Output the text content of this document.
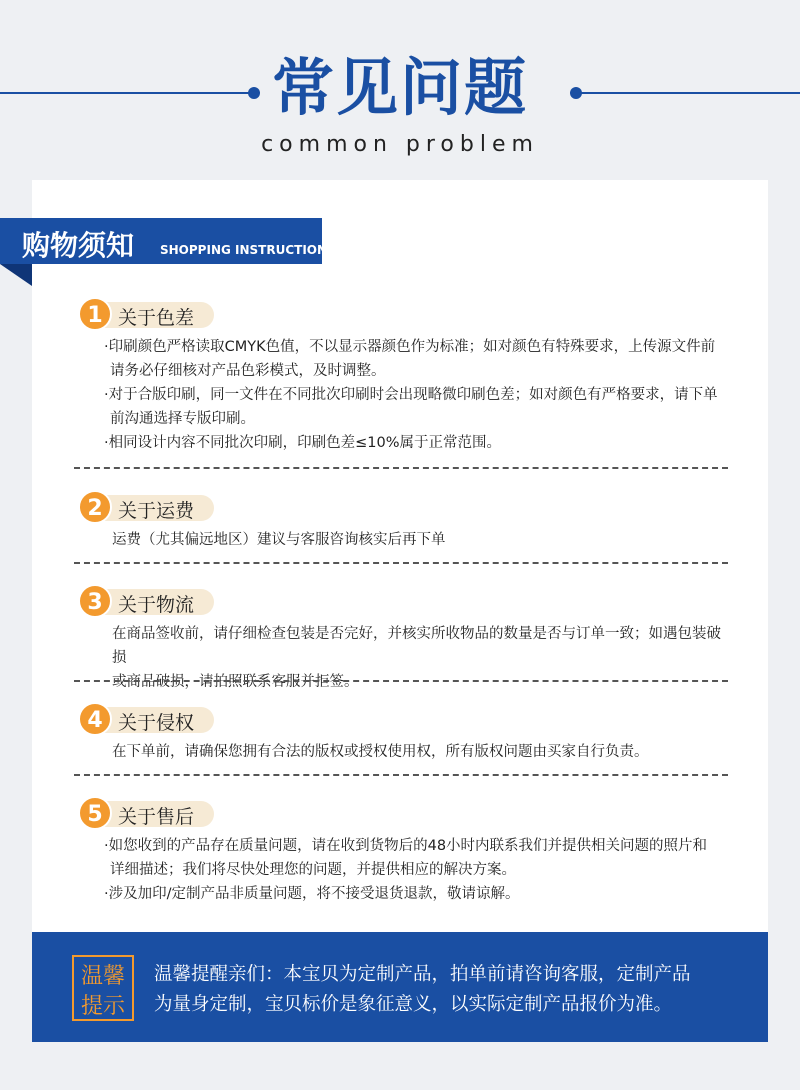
常见问题
common problem
购物须知 SHOPPING INSTRUCTIONS
1 关于色差

·印刷颜色严格读取CMYK色值，不以显示器颜色作为标准；如对颜色有特殊要求，上传源文件前

请务必仔细核对产品色彩模式，及时调整。

·对于合版印刷，同一文件在不同批次印刷时会出现略微印刷色差；如对颜色有严格要求，请下单

前沟通选择专版印刷。

·相同设计内容不同批次印刷，印刷色差≤10%属于正常范围。

2 关于运费

运费（尤其偏远地区）建议与客服咨询核实后再下单

3 关于物流

在商品签收前，请仔细检查包装是否完好，并核实所收物品的数量是否与订单一致；如遇包装破损

或商品破损，请拍照联系客服并拒签。

4 关于侵权

在下单前，请确保您拥有合法的版权或授权使用权，所有版权问题由买家自行负责。

5 关于售后

·如您收到的产品存在质量问题，请在收到货物后的48小时内联系我们并提供相关问题的照片和

详细描述；我们将尽快处理您的问题，并提供相应的解决方案。

·涉及加印/定制产品非质量问题，将不接受退货退款，敬请谅解。

温馨
提示
温馨提醒亲们：本宝贝为定制产品，拍单前请咨询客服，定制产品
为量身定制，宝贝标价是象征意义，以实际定制产品报价为准。
